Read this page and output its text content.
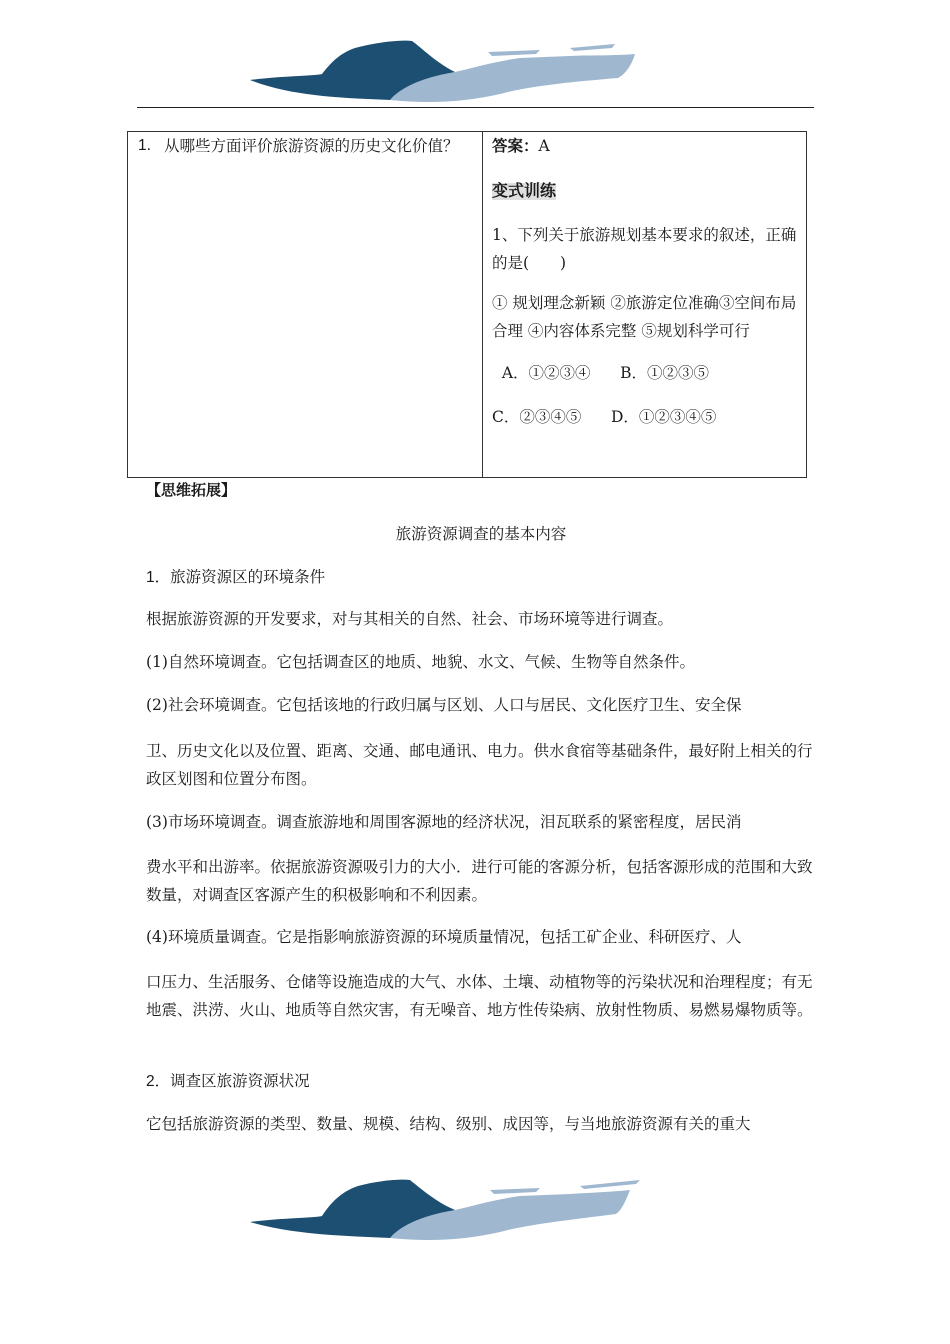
1. 从哪些方面评价旅游资源的历史文化价值？	答案：A
变式训练
1、下列关于旅游规划基本要求的叙述，正确的是(　　)
① 规划理念新颖 ②旅游定位准确③空间布局合理 ④内容体系完整 ⑤规划科学可行
A．①②③④ B．①②③⑤
C．②③④⑤ D．①②③④⑤
【思维拓展】
旅游资源调查的基本内容
1．旅游资源区的环境条件
根据旅游资源的开发要求，对与其相关的自然、社会、市场环境等进行调查。
(1)自然环境调查。它包括调查区的地质、地貌、水文、气候、生物等自然条件。
(2)社会环境调查。它包括该地的行政归属与区划、人口与居民、文化医疗卫生、安全保
卫、历史文化以及位置、距离、交通、邮电通讯、电力。供水食宿等基础条件，最好附上相关的行政区划图和位置分布图。
(3)市场环境调查。调查旅游地和周围客源地的经济状况，泪瓦联系的紧密程度，居民消
费水平和出游率。依据旅游资源吸引力的大小．进行可能的客源分析，包括客源形成的范围和大致数量，对调查区客源产生的积极影响和不利因素。
(4)环境质量调查。它是指影响旅游资源的环境质量情况，包括工矿企业、科研医疗、人
口压力、生活服务、仓储等设施造成的大气、水体、土壤、动植物等的污染状况和治理程度；有无地震、洪涝、火山、地质等自然灾害，有无噪音、地方性传染病、放射性物质、易燃易爆物质等。
2．调查区旅游资源状况
它包括旅游资源的类型、数量、规模、结构、级别、成因等，与当地旅游资源有关的重大
